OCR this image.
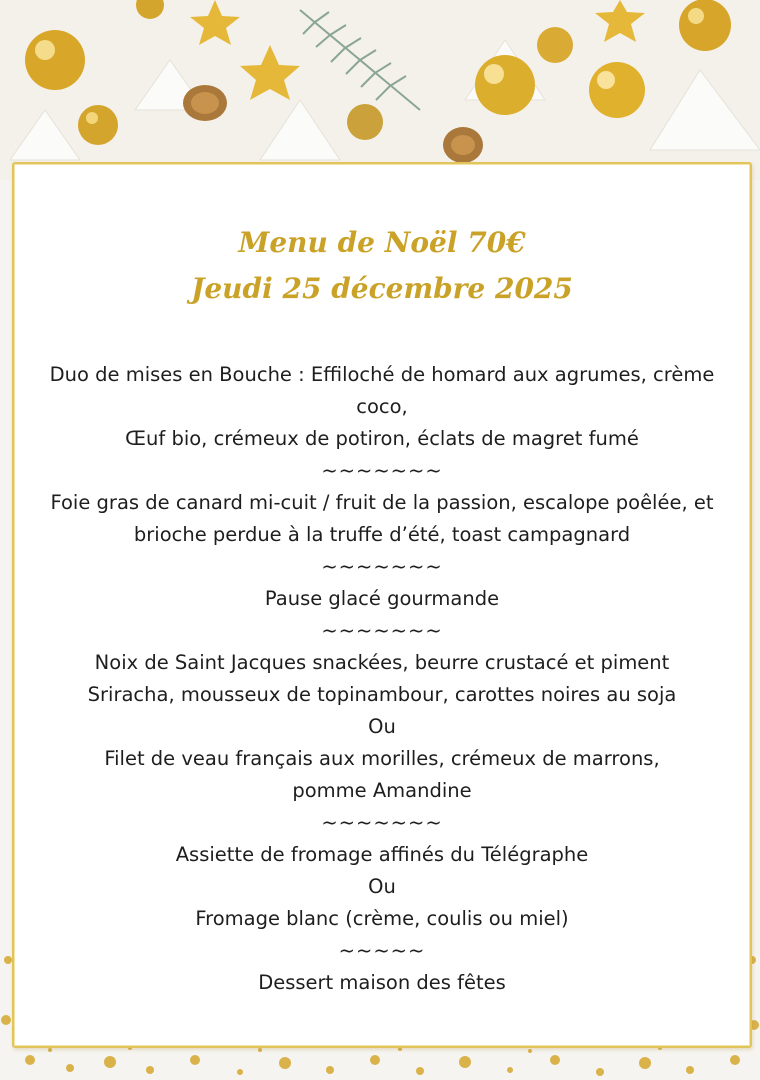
Menu de Noël 70€
Jeudi 25 décembre 2025

Duo de mises en Bouche : Effiloché de homard aux agrumes, crème coco,

Œuf bio, crémeux de potiron, éclats de magret fumé

~~~~~~~

Foie gras de canard mi-cuit / fruit de la passion, escalope poêlée, et brioche perdue à la truffe d’été, toast campagnard

~~~~~~~

Pause glacé gourmande

~~~~~~~

Noix de Saint Jacques snackées, beurre crustacé et piment Sriracha, mousseux de topinambour, carottes noires au soja

Ou

Filet de veau français aux morilles, crémeux de marrons, pomme Amandine

~~~~~~~

Assiette de fromage affinés du Télégraphe

Ou

Fromage blanc (crème, coulis ou miel)

~~~~~

Dessert maison des fêtes
